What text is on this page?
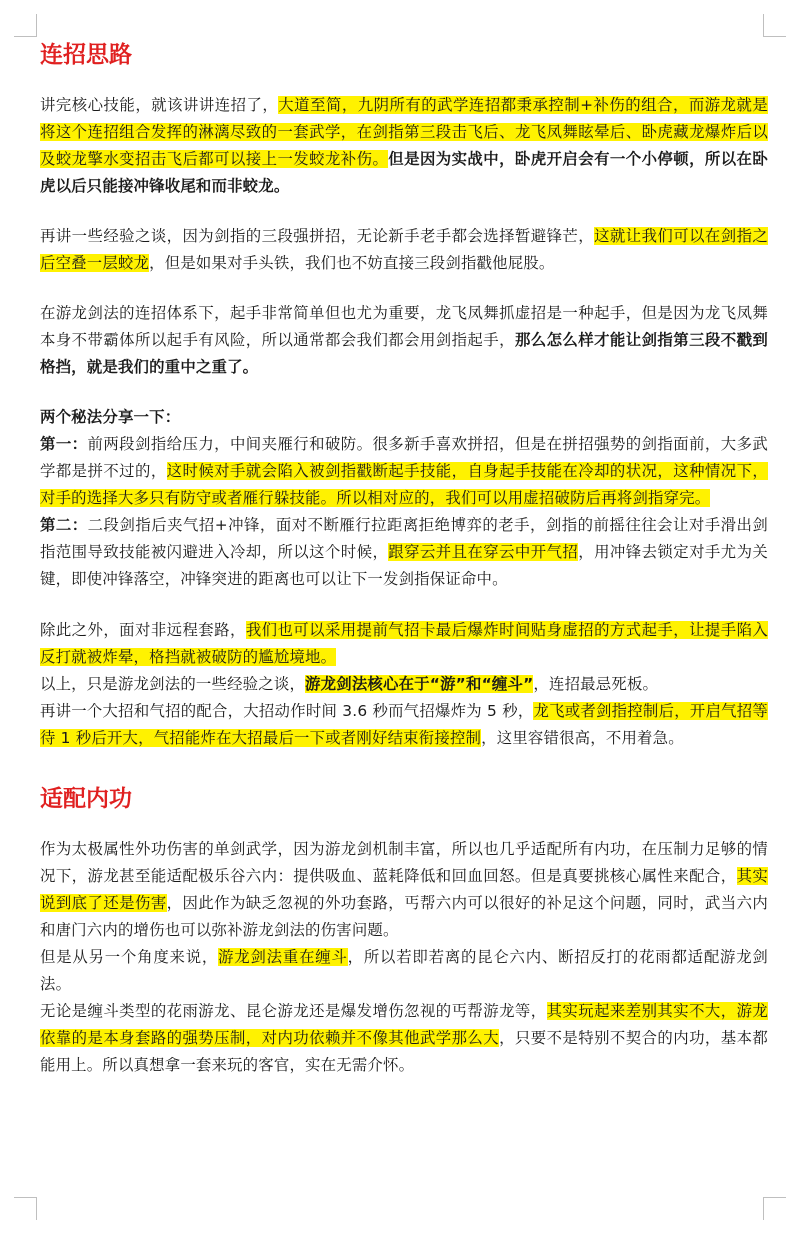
连招思路

讲完核心技能，就该讲讲连招了，大道至简，九阴所有的武学连招都秉承控制+补伤的组合，而游龙就是将这个连招组合发挥的淋漓尽致的一套武学，在剑指第三段击飞后、龙飞凤舞眩晕后、卧虎藏龙爆炸后以及蛟龙擎水变招击飞后都可以接上一发蛟龙补伤。但是因为实战中，卧虎开启会有一个小停顿，所以在卧虎以后只能接冲锋收尾和而非蛟龙。

再讲一些经验之谈，因为剑指的三段强拼招，无论新手老手都会选择暂避锋芒，这就让我们可以在剑指之后空叠一层蛟龙，但是如果对手头铁，我们也不妨直接三段剑指戳他屁股。

在游龙剑法的连招体系下，起手非常简单但也尤为重要，龙飞凤舞抓虚招是一种起手，但是因为龙飞凤舞本身不带霸体所以起手有风险，所以通常都会我们都会用剑指起手，那么怎么样才能让剑指第三段不戳到格挡，就是我们的重中之重了。

两个秘法分享一下：

第一：前两段剑指给压力，中间夹雁行和破防。很多新手喜欢拼招，但是在拼招强势的剑指面前，大多武学都是拼不过的，这时候对手就会陷入被剑指戳断起手技能，自身起手技能在冷却的状况，这种情况下，对手的选择大多只有防守或者雁行躲技能。所以相对应的，我们可以用虚招破防后再将剑指穿完。

第二：二段剑指后夹气招+冲锋，面对不断雁行拉距离拒绝博弈的老手，剑指的前摇往往会让对手滑出剑指范围导致技能被闪避进入冷却，所以这个时候，跟穿云并且在穿云中开气招，用冲锋去锁定对手尤为关键，即使冲锋落空，冲锋突进的距离也可以让下一发剑指保证命中。

除此之外，面对非远程套路，我们也可以采用提前气招卡最后爆炸时间贴身虚招的方式起手，让提手陷入反打就被炸晕，格挡就被破防的尴尬境地。

以上，只是游龙剑法的一些经验之谈，游龙剑法核心在于“游”和“缠斗”，连招最忌死板。

再讲一个大招和气招的配合，大招动作时间 3.6 秒而气招爆炸为 5 秒，龙飞或者剑指控制后，开启气招等待 1 秒后开大，气招能炸在大招最后一下或者刚好结束衔接控制，这里容错很高，不用着急。

适配内功

作为太极属性外功伤害的单剑武学，因为游龙剑机制丰富，所以也几乎适配所有内功，在压制力足够的情况下，游龙甚至能适配极乐谷六内：提供吸血、蓝耗降低和回血回怒。但是真要挑核心属性来配合，其实说到底了还是伤害，因此作为缺乏忽视的外功套路，丐帮六内可以很好的补足这个问题，同时，武当六内和唐门六内的增伤也可以弥补游龙剑法的伤害问题。

但是从另一个角度来说，游龙剑法重在缠斗，所以若即若离的昆仑六内、断招反打的花雨都适配游龙剑法。

无论是缠斗类型的花雨游龙、昆仑游龙还是爆发增伤忽视的丐帮游龙等，其实玩起来差别其实不大，游龙依靠的是本身套路的强势压制，对内功依赖并不像其他武学那么大，只要不是特别不契合的内功，基本都能用上。所以真想拿一套来玩的客官，实在无需介怀。
